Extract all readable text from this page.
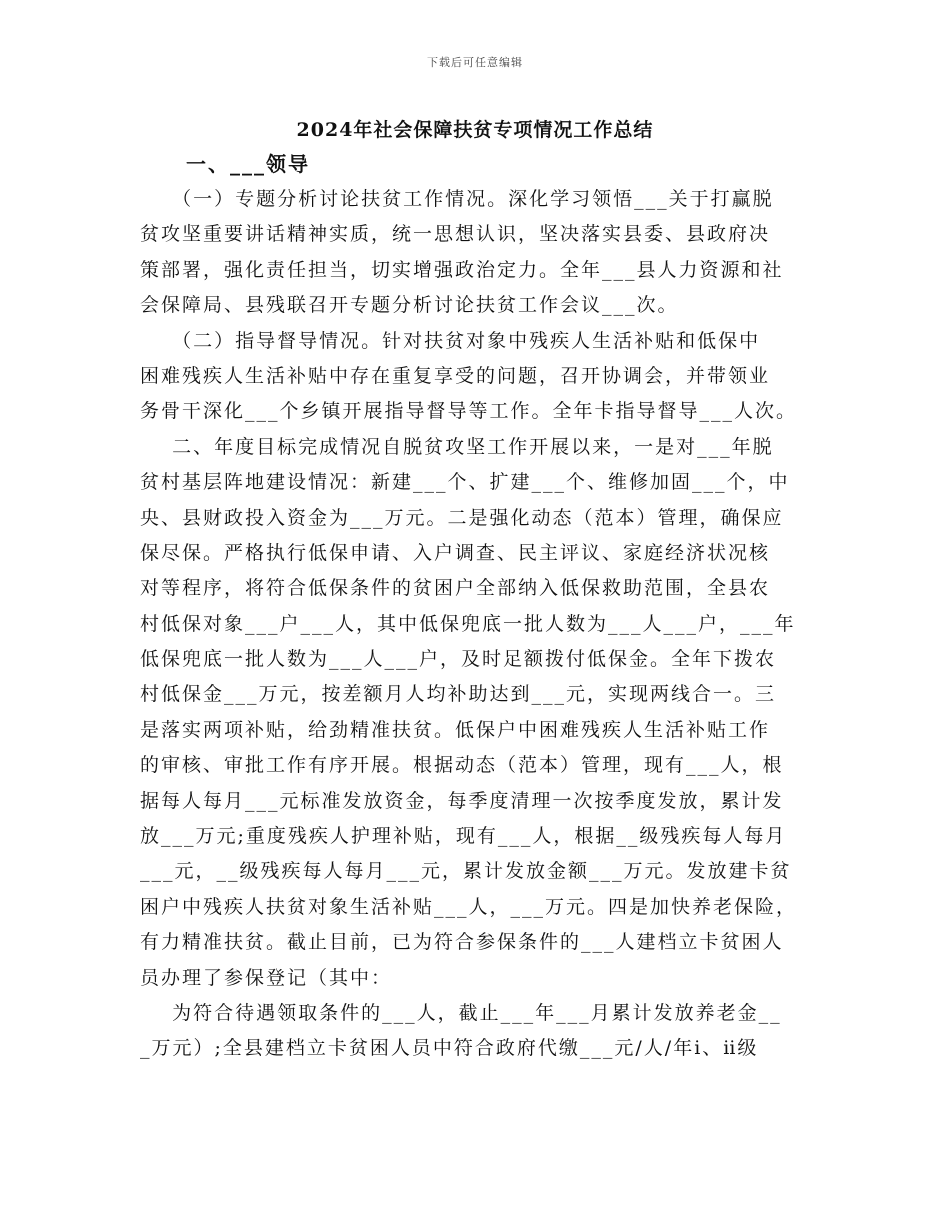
下载后可任意编辑
2024年社会保障扶贫专项情况工作总结
一、___领导
（一）专题分析讨论扶贫工作情况。深化学习领悟___关于打赢脱
贫攻坚重要讲话精神实质，统一思想认识，坚决落实县委、县政府决
策部署，强化责任担当，切实增强政治定力。全年___县人力资源和社
会保障局、县残联召开专题分析讨论扶贫工作会议___次。
（二）指导督导情况。针对扶贫对象中残疾人生活补贴和低保中
困难残疾人生活补贴中存在重复享受的问题，召开协调会，并带领业
务骨干深化___个乡镇开展指导督导等工作。全年卡指导督导___人次。
二、年度目标完成情况自脱贫攻坚工作开展以来，一是对___年脱
贫村基层阵地建设情况：新建___个、扩建___个、维修加固___个，中
央、县财政投入资金为___万元。二是强化动态（范本）管理，确保应
保尽保。严格执行低保申请、入户调查、民主评议、家庭经济状况核
对等程序，将符合低保条件的贫困户全部纳入低保救助范围，全县农
村低保对象___户___人，其中低保兜底一批人数为___人___户，___年
低保兜底一批人数为___人___户，及时足额拨付低保金。全年下拨农
村低保金___万元，按差额月人均补助达到___元，实现两线合一。三
是落实两项补贴，给劲精准扶贫。低保户中困难残疾人生活补贴工作
的审核、审批工作有序开展。根据动态（范本）管理，现有___人，根
据每人每月___元标准发放资金，每季度清理一次按季度发放，累计发
放___万元;重度残疾人护理补贴，现有___人，根据__级残疾每人每月
___元，__级残疾每人每月___元，累计发放金额___万元。发放建卡贫
困户中残疾人扶贫对象生活补贴___人，___万元。四是加快养老保险，
有力精准扶贫。截止目前，已为符合参保条件的___人建档立卡贫困人
员办理了参保登记（其中：
为符合待遇领取条件的___人，截止___年___月累计发放养老金__
_万元）;全县建档立卡贫困人员中符合政府代缴___元/人/年ⅰ、ⅱ级
